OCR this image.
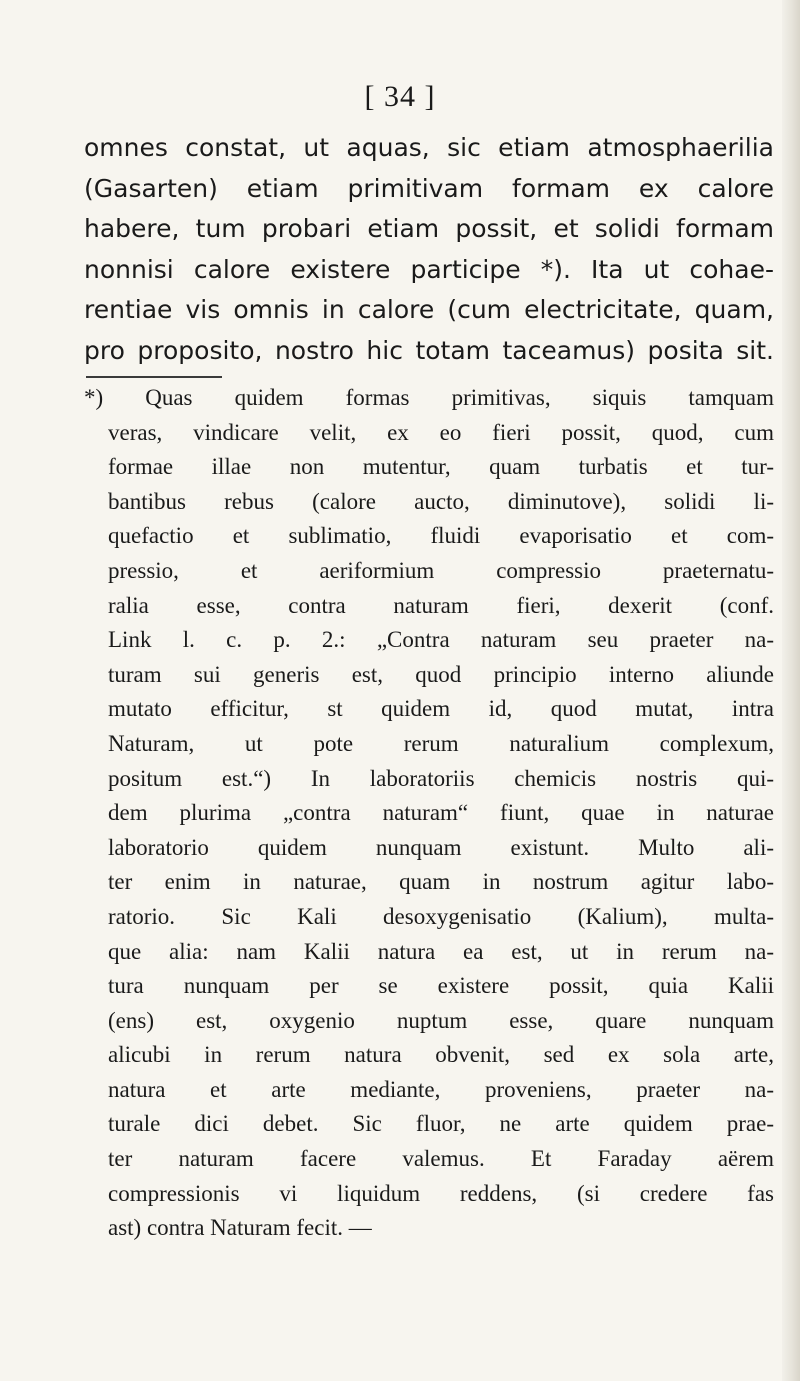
[ 34 ]
omnes constat, ut aquas, sic etiam atmosphaerilia
(Gasarten) etiam primitivam formam ex calore
habere, tum probari etiam possit, et solidi formam
nonnisi calore existere participe *). Ita ut cohae-
rentiae vis omnis in calore (cum electricitate, quam,
pro proposito, nostro hic totam taceamus) posita sit.
*) Quas quidem formas primitivas, siquis tamquam
veras, vindicare velit, ex eo fieri possit, quod, cum
formae illae non mutentur, quam turbatis et tur-
bantibus rebus (calore aucto, diminutove), solidi li-
quefactio et sublimatio, fluidi evaporisatio et com-
pressio, et aeriformium compressio praeternatu-
ralia esse, contra naturam fieri, dexerit (conf.
Link l. c. p. 2.: „Contra naturam seu praeter na-
turam sui generis est, quod principio interno aliunde
mutato efficitur, st quidem id, quod mutat, intra
Naturam, ut pote rerum naturalium complexum,
positum est.“) In laboratoriis chemicis nostris qui-
dem plurima „contra naturam“ fiunt, quae in naturae
laboratorio quidem nunquam existunt. Multo ali-
ter enim in naturae, quam in nostrum agitur labo-
ratorio. Sic Kali desoxygenisatio (Kalium), multa-
que alia: nam Kalii natura ea est, ut in rerum na-
tura nunquam per se existere possit, quia Kalii
(ens) est, oxygenio nuptum esse, quare nunquam
alicubi in rerum natura obvenit, sed ex sola arte,
natura et arte mediante, proveniens, praeter na-
turale dici debet. Sic fluor, ne arte quidem prae-
ter naturam facere valemus. Et Faraday aërem
compressionis vi liquidum reddens, (si credere fas
ast) contra Naturam fecit. —
